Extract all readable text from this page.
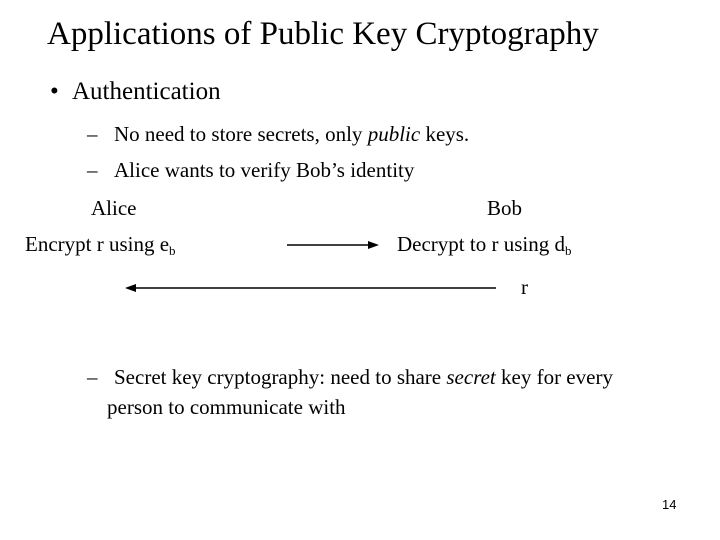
Applications of Public Key Cryptography
• Authentication
– No need to store secrets, only public keys.
– Alice wants to verify Bob’s identity
Alice	Bob
Encrypt r using $e_b$	Decrypt to r using $d_b$
r
– Secret key cryptography: need to share secret key for every
person to communicate with
14
